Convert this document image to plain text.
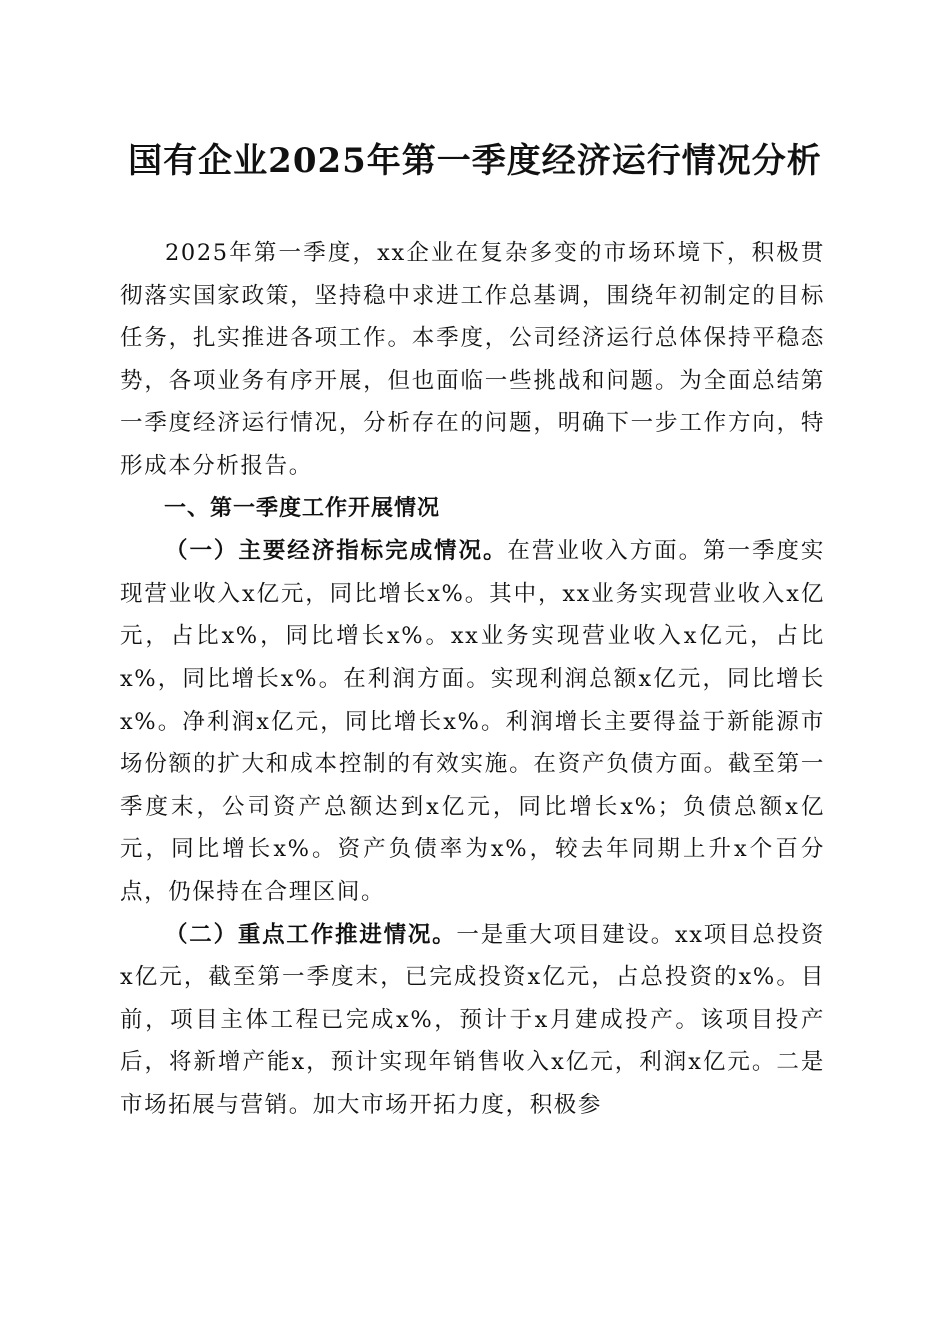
国有企业2025年第一季度经济运行情况分析

2025年第一季度，xx企业在复杂多变的市场环境下，积极贯彻落实国家政策，坚持稳中求进工作总基调，围绕年初制定的目标任务，扎实推进各项工作。本季度，公司经济运行总体保持平稳态势，各项业务有序开展，但也面临一些挑战和问题。为全面总结第一季度经济运行情况，分析存在的问题，明确下一步工作方向，特形成本分析报告。

一、第一季度工作开展情况

（一）主要经济指标完成情况。在营业收入方面。第一季度实现营业收入x亿元，同比增长x%。其中，xx业务实现营业收入x亿元，占比x%，同比增长x%。xx业务实现营业收入x亿元，占比x%，同比增长x%。在利润方面。实现利润总额x亿元，同比增长x%。净利润x亿元，同比增长x%。利润增长主要得益于新能源市场份额的扩大和成本控制的有效实施。在资产负债方面。截至第一季度末，公司资产总额达到x亿元，同比增长x%；负债总额x亿元，同比增长x%。资产负债率为x%，较去年同期上升x个百分点，仍保持在合理区间。

（二）重点工作推进情况。一是重大项目建设。xx项目总投资x亿元，截至第一季度末，已完成投资x亿元，占总投资的x%。目前，项目主体工程已完成x%，预计于x月建成投产。该项目投产后，将新增产能x，预计实现年销售收入x亿元，利润x亿元。二是市场拓展与营销。加大市场开拓力度，积极参
